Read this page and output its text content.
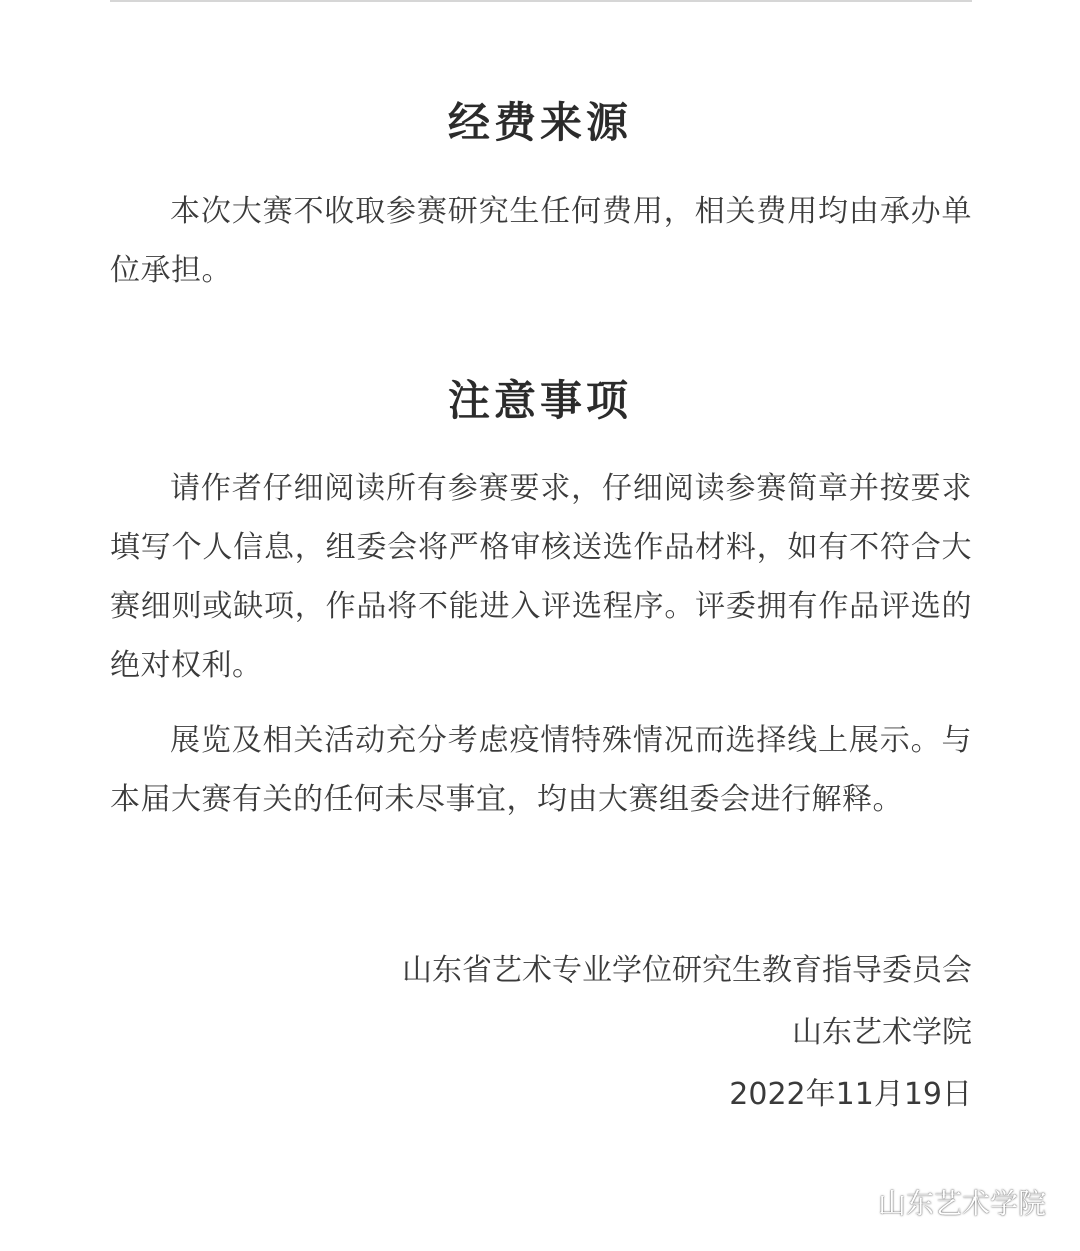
经费来源

本次大赛不收取参赛研究生任何费用，相关费用均由承办单位承担。

注意事项

请作者仔细阅读所有参赛要求，仔细阅读参赛简章并按要求填写个人信息，组委会将严格审核送选作品材料，如有不符合大赛细则或缺项，作品将不能进入评选程序。评委拥有作品评选的绝对权利。

展览及相关活动充分考虑疫情特殊情况而选择线上展示。与本届大赛有关的任何未尽事宜，均由大赛组委会进行解释。

山东省艺术专业学位研究生教育指导委员会

山东艺术学院

2022年11月19日

山东艺术学院
